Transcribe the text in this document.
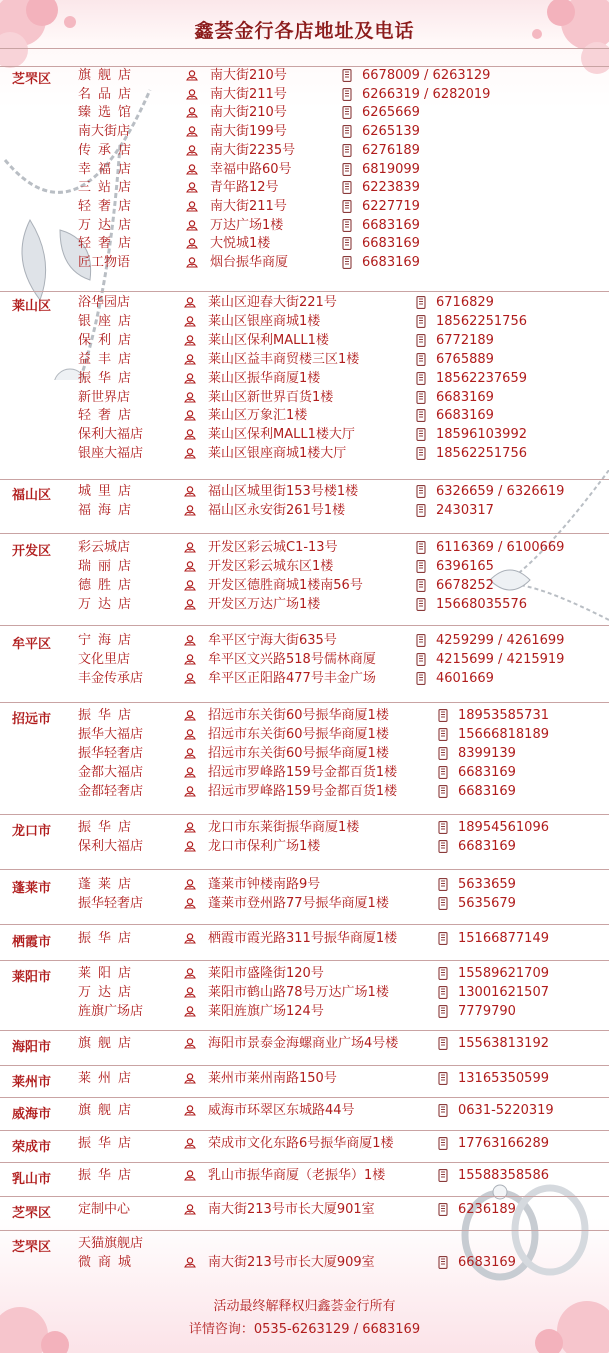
鑫荟金行各店地址及电话
芝罘区 旗舰店	南大街210号	6678009 / 6263129
名品店	南大街211号	6266319 / 6282019
臻选馆	南大街210号	6265669
南大街店	南大街199号	6265139
传承店	南大街2235号	6276189
幸福店	幸福中路60号	6819099
三站店	青年路12号	6223839
轻奢店	南大街211号	6227719
万达店	万达广场1楼	6683169
轻奢店	大悦城1楼	6683169
匠工物语	烟台振华商厦	6683169
莱山区 浴华园店	莱山区迎春大街221号	6716829
银座店	莱山区银座商城1楼	18562251756
保利店	莱山区保利MALL1楼	6772189
益丰店	莱山区益丰商贸楼三区1楼	6765889
振华店	莱山区振华商厦1楼	18562237659
新世界店	莱山区新世界百货1楼	6683169
轻奢店	莱山区万象汇1楼	6683169
保利大福店	莱山区保利MALL1楼大厅	18596103992
银座大福店	莱山区银座商城1楼大厅	18562251756
福山区 城里店	福山区城里街153号楼1楼	6326659 / 6326619
福海店	福山区永安街261号1楼	2430317
开发区 彩云城店	开发区彩云城C1-13号	6116369 / 6100669
瑞丽店	开发区彩云城东区1楼	6396165
德胜店	开发区德胜商城1楼南56号	6678252
万达店	开发区万达广场1楼	15668035576
牟平区 宁海店	牟平区宁海大街635号	4259299 / 4261699
文化里店	牟平区文兴路518号儒林商厦	4215699 / 4215919
丰金传承店	牟平区正阳路477号丰金广场	4601669
招远市 振华店	招远市东关街60号振华商厦1楼	18953585731
振华大福店	招远市东关街60号振华商厦1楼	15666818189
振华轻奢店	招远市东关街60号振华商厦1楼	8399139
金都大福店	招远市罗峰路159号金都百货1楼	6683169
金都轻奢店	招远市罗峰路159号金都百货1楼	6683169
龙口市 振华店	龙口市东莱街振华商厦1楼	18954561096
保利大福店	龙口市保利广场1楼	6683169
蓬莱市 蓬莱店	蓬莱市钟楼南路9号	5633659
振华轻奢店	蓬莱市登州路77号振华商厦1楼	5635679
栖霞市 振华店	栖霞市霞光路311号振华商厦1楼	15166877149
莱阳市 莱阳店	莱阳市盛隆街120号	15589621709
万达店	莱阳市鹤山路78号万达广场1楼	13001621507
旌旗广场店	莱阳旌旗广场124号	7779790
海阳市 旗舰店	海阳市景泰金海螺商业广场4号楼	15563813192
莱州市 莱州店	莱州市莱州南路150号	13165350599
威海市 旗舰店	威海市环翠区东城路44号	0631-5220319
荣成市 振华店	荣成市文化东路6号振华商厦1楼	17763166289
乳山市 振华店	乳山市振华商厦（老振华）1楼	15588358586
芝罘区 定制中心	南大街213号市长大厦901室	6236189
芝罘区 天猫旗舰店
微商城	南大街213号市长大厦909室	6683169
活动最终解释权归鑫荟金行所有
详情咨询：0535-6263129 / 6683169
